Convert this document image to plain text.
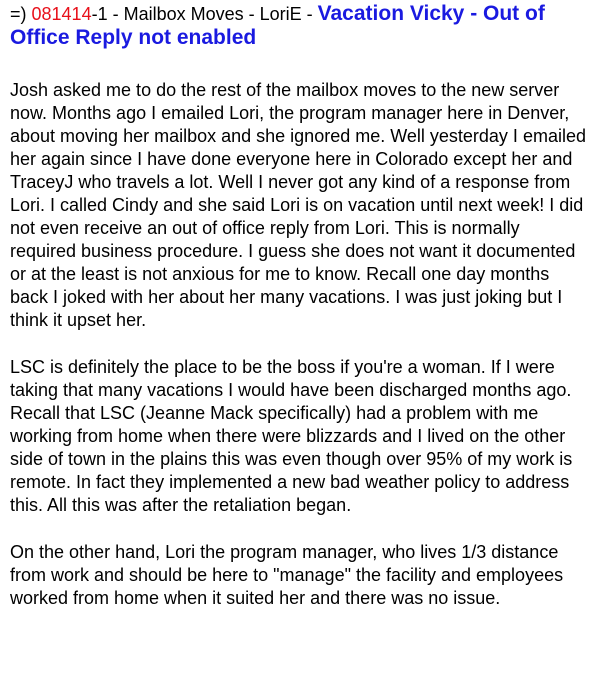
=) 081414-1 - Mailbox Moves - LoriE - Vacation Vicky - Out of Office Reply not enabled

Josh asked me to do the rest of the mailbox moves to the new server now. Months ago I emailed Lori, the program manager here in Denver, about moving her mailbox and she ignored me. Well yesterday I emailed her again since I have done everyone here in Colorado except her and TraceyJ who travels a lot. Well I never got any kind of a response from Lori. I called Cindy and she said Lori is on vacation until next week! I did not even receive an out of office reply from Lori. This is normally required business procedure. I guess she does not want it documented or at the least is not anxious for me to know. Recall one day months back I joked with her about her many vacations. I was just joking but I think it upset her.

LSC is definitely the place to be the boss if you're a woman. If I were taking that many vacations I would have been discharged months ago. Recall that LSC (Jeanne Mack specifically) had a problem with me working from home when there were blizzards and I lived on the other side of town in the plains this was even though over 95% of my work is remote. In fact they implemented a new bad weather policy to address this. All this was after the retaliation began.

On the other hand, Lori the program manager, who lives 1/3 distance from work and should be here to "manage" the facility and employees worked from home when it suited her and there was no issue.
